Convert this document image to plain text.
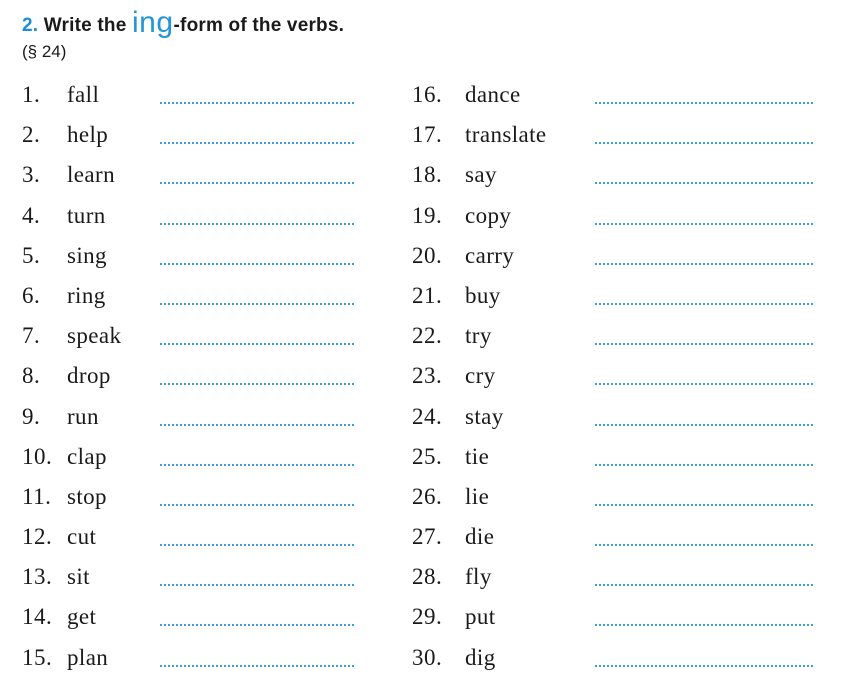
2. Write the ing-form of the verbs.
(§ 24)
1. fall
2. help
3. learn
4. turn
5. sing
6. ring
7. speak
8. drop
9. run
10. clap
11. stop
12. cut
13. sit
14. get
15. plan
16. dance
17. translate
18. say
19. copy
20. carry
21. buy
22. try
23. cry
24. stay
25. tie
26. lie
27. die
28. fly
29. put
30. dig
